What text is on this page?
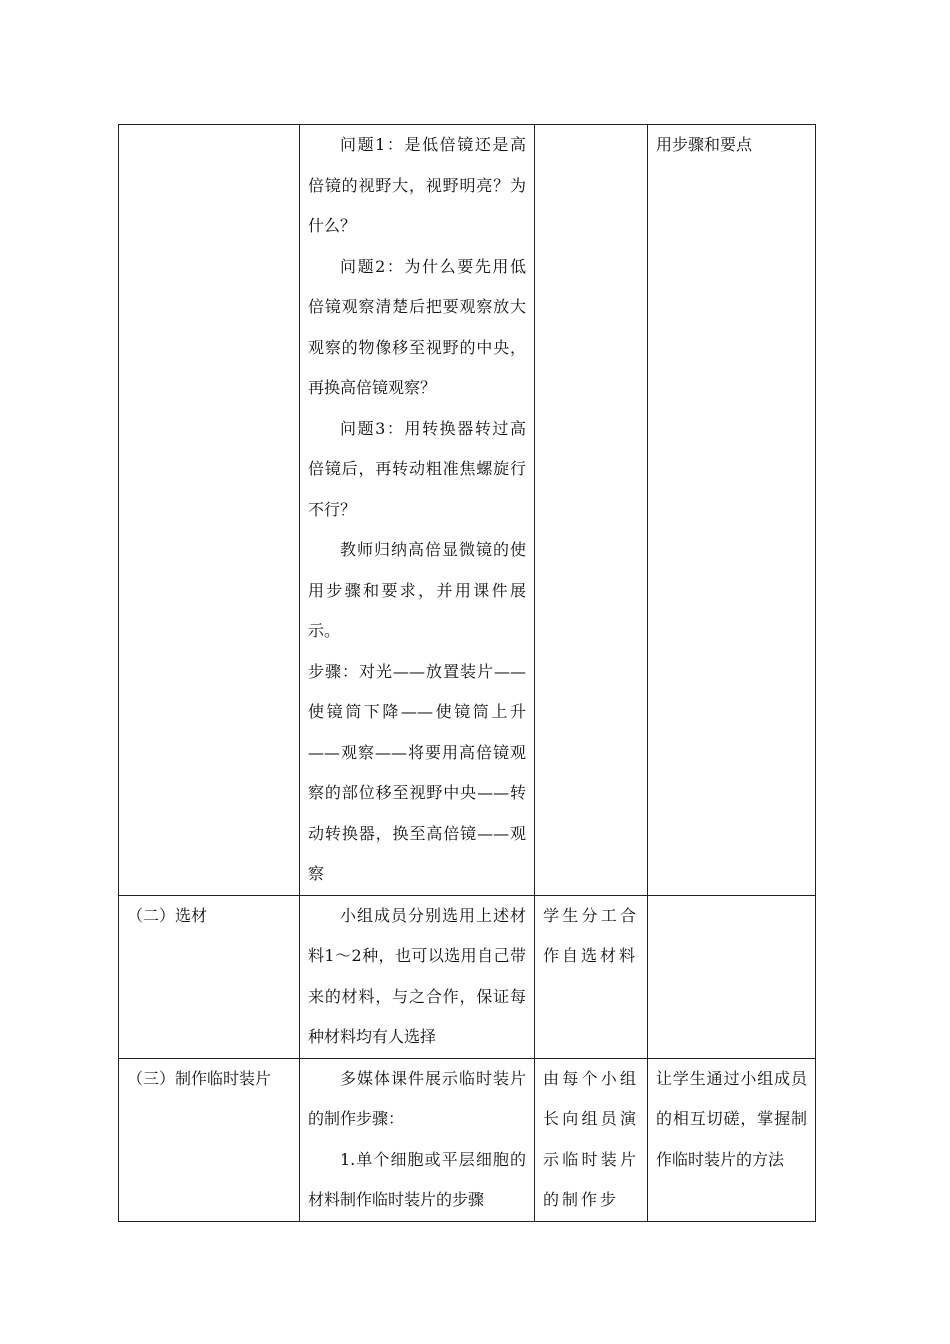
	问题1：是低倍镜还是高倍镜的视野大，视野明亮？为什么？

问题2：为什么要先用低倍镜观察清楚后把要观察放大观察的物像移至视野的中央，再换高倍镜观察？

问题3：用转换器转过高倍镜后，再转动粗准焦螺旋行不行？

教师归纳高倍显微镜的使用步骤和要求，并用课件展示。

步骤：对光——放置装片——使镜筒下降——使镜筒上升——观察——将要用高倍镜观察的部位移至视野中央——转动转换器，换至高倍镜——观察		用步骤和要点
（二）选材	小组成员分别选用上述材料1～2种，也可以选用自己带来的材料，与之合作，保证每种材料均有人选择	学生分工合作自选材料	

（三）制作临时装片	多媒体课件展示临时装片的制作步骤：

1.单个细胞或平层细胞的材料制作临时装片的步骤	由每个小组长向组员演示临时装片的制作步	让学生通过小组成员的相互切磋，掌握制作临时装片的方法
